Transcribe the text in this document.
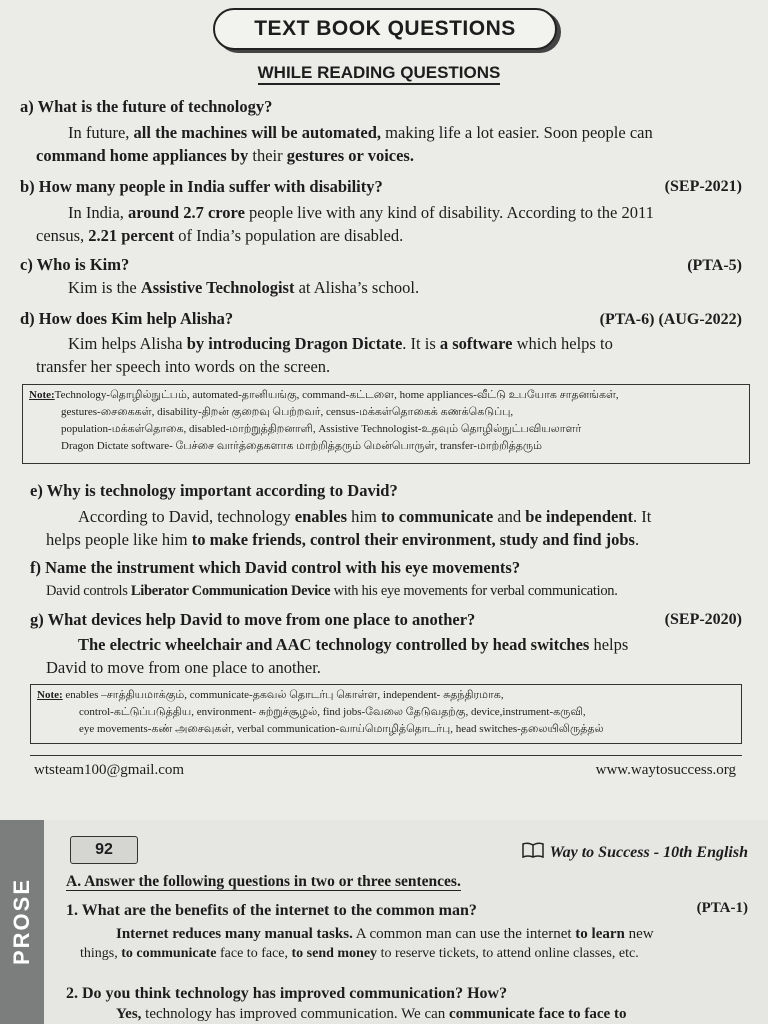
TEXT BOOK QUESTIONS
WHILE READING QUESTIONS
a) What is the future of technology?
In future, all the machines will be automated, making life a lot easier. Soon people can
command home appliances by their gestures or voices.
b) How many people in India suffer with disability?	(SEP-2021)
In India, around 2.7 crore people live with any kind of disability. According to the 2011
census, 2.21 percent of India’s population are disabled.
c) Who is Kim?	(PTA-5)
Kim is the Assistive Technologist at Alisha’s school.
d) How does Kim help Alisha?	(PTA-6) (AUG-2022)
Kim helps Alisha by introducing Dragon Dictate. It is a software which helps to
transfer her speech into words on the screen.
Note:Technology-தொழில்நுட்பம், automated-தானியங்கு, command-கட்டளை, home appliances-வீட்டு உபயோக சாதனங்கள்,
gestures-சைகைகள், disability-திறன் குறைவு பெற்றவர், census-மக்கள்தொகைக் கணக்கெடுப்பு,
population-மக்கள்தொகை, disabled-மாற்றுத்திறனாளி, Assistive Technologist-உதவும் தொழில்நுட்பவியலாளர்
Dragon Dictate software- பேச்சை வார்த்தைகளாக மாற்றித்தரும் மென்பொருள், transfer-மாற்றித்தரும்
e) Why is technology important according to David?
According to David, technology enables him to communicate and be independent. It
helps people like him to make friends, control their environment, study and find jobs.
f) Name the instrument which David control with his eye movements?
David controls Liberator Communication Device with his eye movements for verbal communication.
g) What devices help David to move from one place to another?	(SEP-2020)
The electric wheelchair and AAC technology controlled by head switches helps
David to move from one place to another.
Note: enables –சாத்தியமாக்கும், communicate-தகவல் தொடர்பு கொள்ள, independent- சுதந்திரமாக,
control-கட்டுப்படுத்திய, environment- சுற்றுச்சூழல், find jobs-வேலை தேடுவதற்கு, device,instrument-கருவி,
eye movements-கண் அசைவுகள், verbal communication-வாய்மொழித்தொடர்பு, head switches-தலையிலிருத்தல்
wtsteam100@gmail.com	www.waytosuccess.org
PROSE
92	Way to Success - 10th English
A. Answer the following questions in two or three sentences.
1. What are the benefits of the internet to the common man?	(PTA-1)
Internet reduces many manual tasks. A common man can use the internet to learn new
things, to communicate face to face, to send money to reserve tickets, to attend online classes, etc.
2. Do you think technology has improved communication? How?
Yes, technology has improved communication. We can communicate face to face to
